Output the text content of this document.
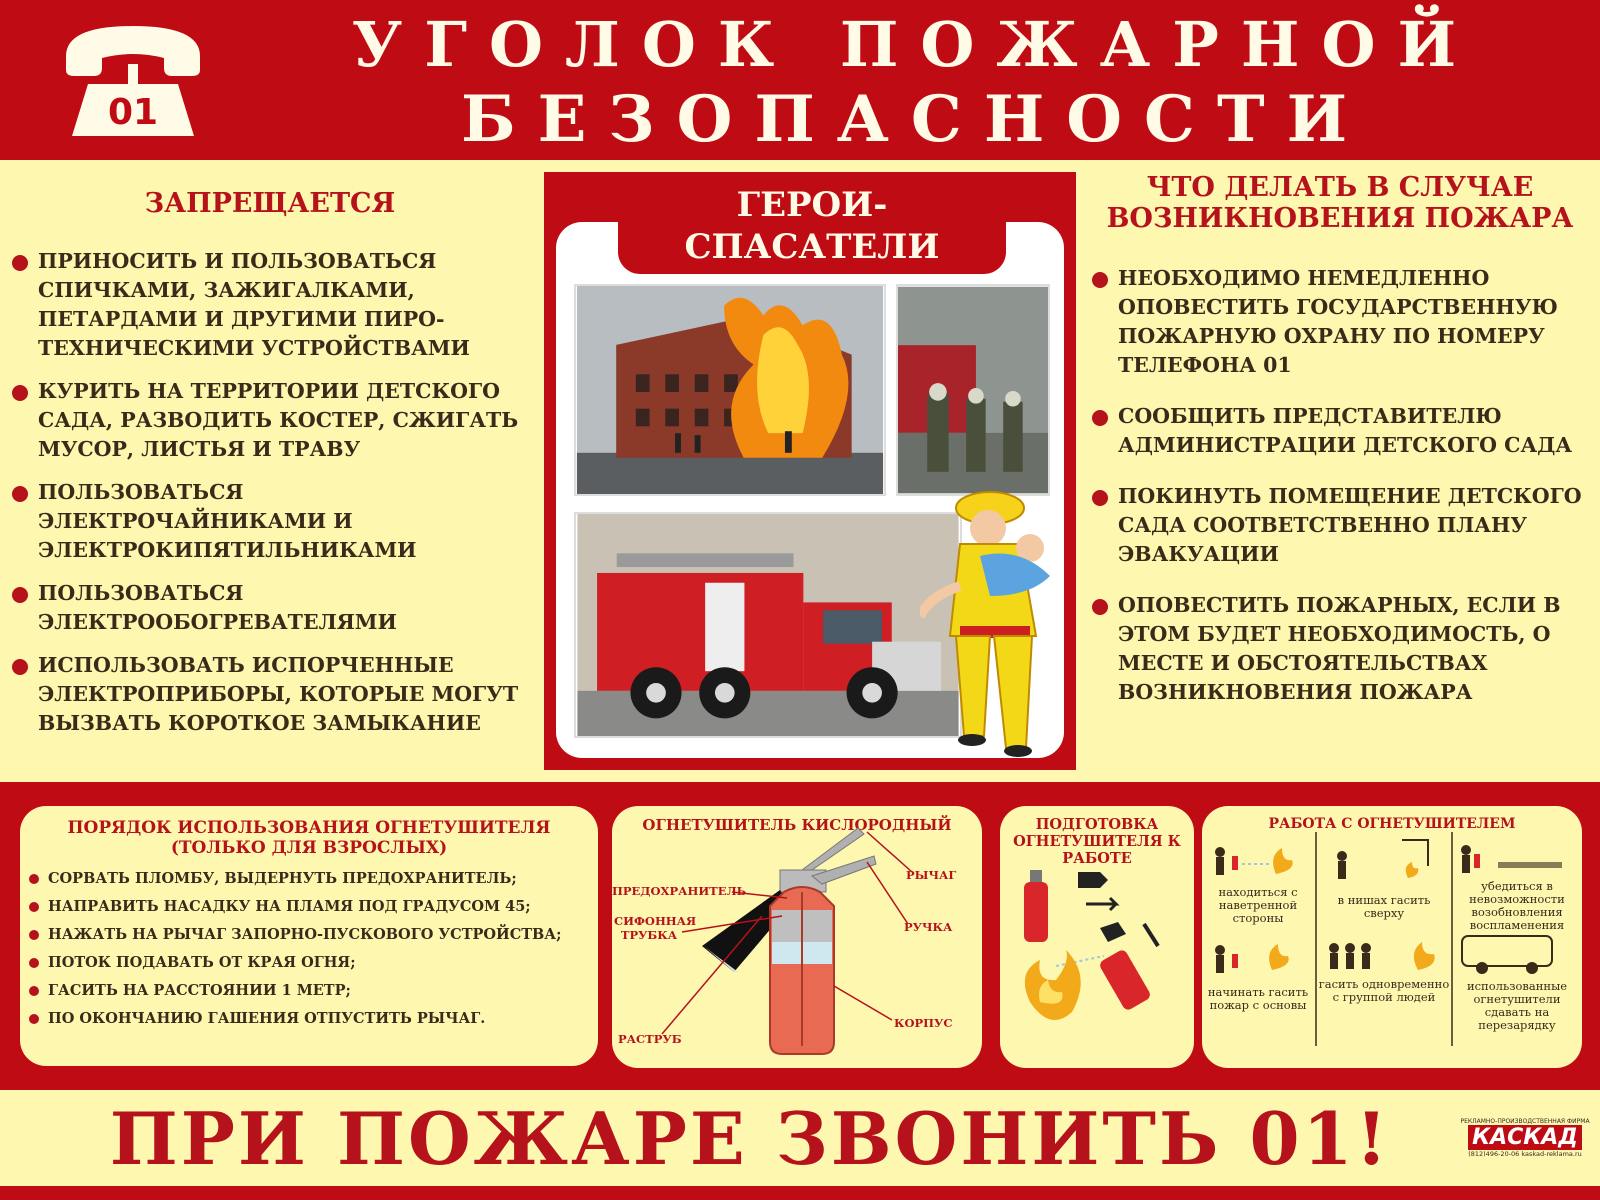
01
УГОЛОК ПОЖАРНОЙ
БЕЗОПАСНОСТИ
ЗАПРЕЩАЕТСЯ
ПРИНОСИТЬ И ПОЛЬЗОВАТЬСЯ СПИЧКАМИ, ЗАЖИГАЛКАМИ, ПЕТАРДАМИ И ДРУГИМИ ПИРО-ТЕХНИЧЕСКИМИ УСТРОЙСТВАМИ
КУРИТЬ НА ТЕРРИТОРИИ ДЕТСКОГО САДА, РАЗВОДИТЬ КОСТЕР, СЖИГАТЬ МУСОР, ЛИСТЬЯ И ТРАВУ
ПОЛЬЗОВАТЬСЯ ЭЛЕКТРОЧАЙНИКАМИ И ЭЛЕКТРОКИПЯТИЛЬНИКАМИ
ПОЛЬЗОВАТЬСЯ ЭЛЕКТРООБОГРЕВАТЕЛЯМИ
ИСПОЛЬЗОВАТЬ ИСПОРЧЕННЫЕ ЭЛЕКТРОПРИБОРЫ, КОТОРЫЕ МОГУТ ВЫЗВАТЬ КОРОТКОЕ ЗАМЫКАНИЕ
ГЕРОИ-
СПАСАТЕЛИ
ЧТО ДЕЛАТЬ В СЛУЧАЕ
ВОЗНИКНОВЕНИЯ ПОЖАРА
НЕОБХОДИМО НЕМЕДЛЕННО ОПОВЕСТИТЬ ГОСУДАРСТВЕННУЮ ПОЖАРНУЮ ОХРАНУ ПО НОМЕРУ ТЕЛЕФОНА 01
СООБЩИТЬ ПРЕДСТАВИТЕЛЮ АДМИНИСТРАЦИИ ДЕТСКОГО САДА
ПОКИНУТЬ ПОМЕЩЕНИЕ ДЕТСКОГО САДА СООТВЕТСТВЕННО ПЛАНУ ЭВАКУАЦИИ
ОПОВЕСТИТЬ ПОЖАРНЫХ, ЕСЛИ В ЭТОМ БУДЕТ НЕОБХОДИМОСТЬ, О МЕСТЕ И ОБСТОЯТЕЛЬСТВАХ ВОЗНИКНОВЕНИЯ ПОЖАРА
ПОРЯДОК ИСПОЛЬЗОВАНИЯ ОГНЕТУШИТЕЛЯ
(ТОЛЬКО ДЛЯ ВЗРОСЛЫХ)
СОРВАТЬ ПЛОМБУ, ВЫДЕРНУТЬ ПРЕДОХРАНИТЕЛЬ;
НАПРАВИТЬ НАСАДКУ НА ПЛАМЯ ПОД ГРАДУСОМ 45;
НАЖАТЬ НА РЫЧАГ ЗАПОРНО-ПУСКОВОГО УСТРОЙСТВА;
ПОТОК ПОДАВАТЬ ОТ КРАЯ ОГНЯ;
ГАСИТЬ НА РАССТОЯНИИ 1 МЕТР;
ПО ОКОНЧАНИЮ ГАШЕНИЯ ОТПУСТИТЬ РЫЧАГ.
ОГНЕТУШИТЕЛЬ КИСЛОРОДНЫЙ
ПРЕДОХРАНИТЕЛЬ
СИФОННАЯ ТРУБКА
РАСТРУБ
РЫЧАГ
РУЧКА
КОРПУС
ПОДГОТОВКА ОГНЕТУШИТЕЛЯ К РАБОТЕ
РАБОТА С ОГНЕТУШИТЕЛЕМ
находиться с наветренной стороны
начинать гасить пожар с основы
в нишах гасить сверху
гасить одновременно с группой людей
убедиться в невозможности возобновления воспламенения
использованные огнетушители сдавать на перезарядку
ПРИ ПОЖАРЕ ЗВОНИТЬ 01!	РЕКЛАМНО-ПРОИЗВОДСТВЕННАЯ ФИРМА
КАСКАД
(812)496-20-06 kaskad-reklama.ru
